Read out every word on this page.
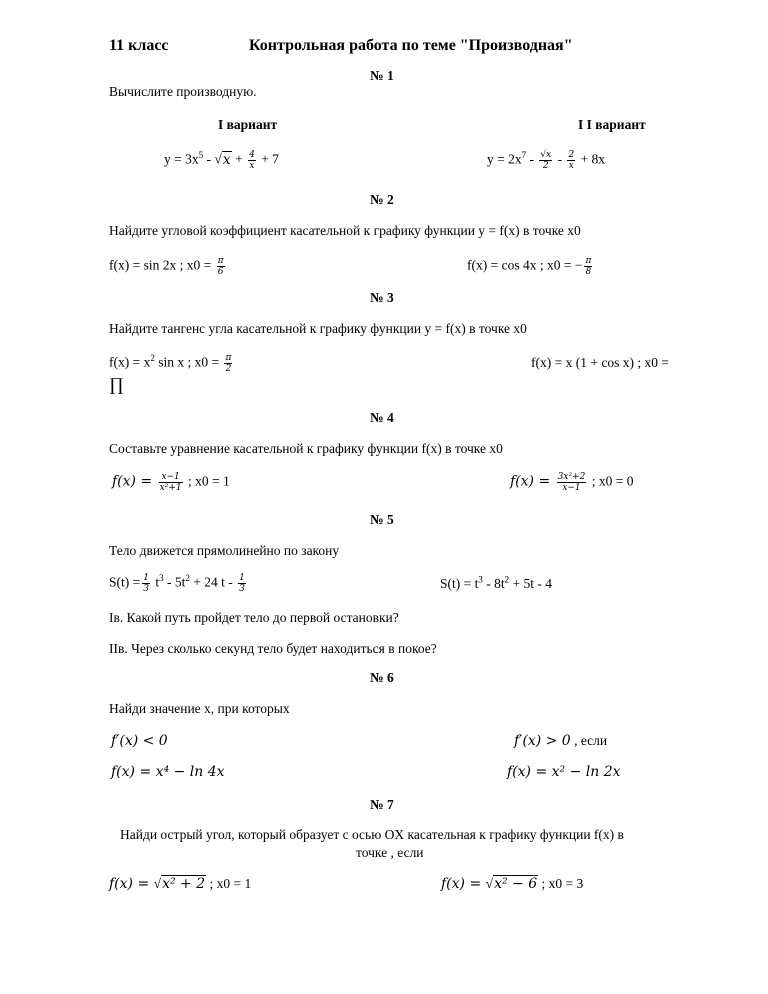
11 класс	Контрольная работа по теме "Производная"
№ 1
Вычислите производную.
I вариант	I I вариант
$y = 3x^5 - √x + \frac{4}{x} + 7$	$y = 2x^7 - \frac{√x}{2} - \frac{2}{x} + 8x$
№ 2
Найдите угловой коэффициент касательной к графику функции y = f(x) в точке x0
f(x) = sin 2x ; $x0 = \frac{\pi}{6}$	f(x) = cos 4x ; x0 = − $\frac{\pi}{8}$
№ 3
Найдите тангенс угла касательной к графику функции y = f(x) в точке x0
$f(x) = x^2$ sin x ; $x0 = \frac{\pi}{2}$	f(x) = x (1 + cos x) ; x0 =
∏
№ 4
Составьте уравнение касательной к графику функции f(x) в точке x0
$f(x) = \frac{x-1}{\text{x²+1}}$ ; x0 = 1	$f(x) = \frac{\text{3x²+2}}{x-1}$ ; x0 = 0
№ 5
Тело движется прямолинейно по закону
$S(t) = \frac{1}{3} t^3 - 5t^2 + 24$ t - $\frac{1}{3}$	$S(t) = t^3 - 8t^2 + 5t - 4$
Iв. Какой путь пройдет тело до первой остановки?
IIв. Через сколько секунд тело будет находиться в покое?
№ 6
Найди значение x, при которых
f′(x) < 0	f′(x) > 0 , если
f(x) = x⁴ − ln 4x	f(x) = x² − ln 2x
№ 7
Найди острый угол, который образует с осью OX касательная к графику функции f(x) в
точке , если
f(x) = √x² + 2 ; x0 = 1	f(x) = √x² − 6 ; x0 = 3
